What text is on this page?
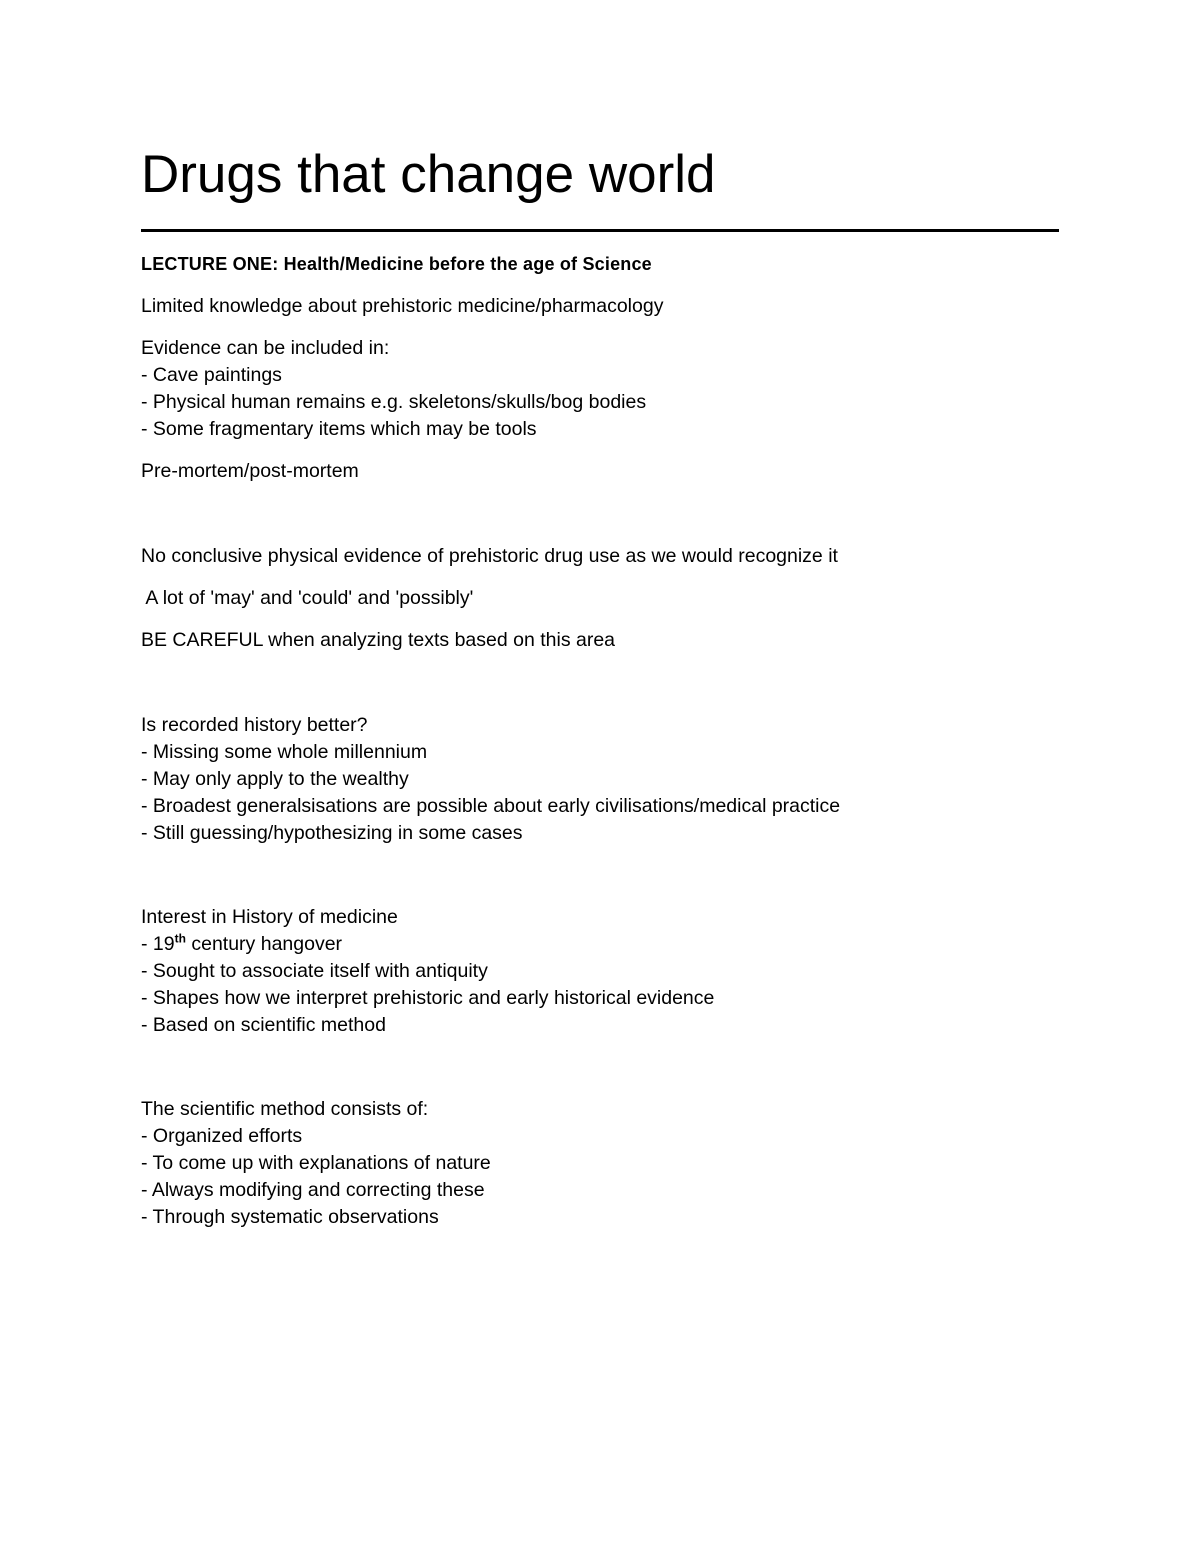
Drugs that change world

LECTURE ONE: Health/Medicine before the age of Science

Limited knowledge about prehistoric medicine/pharmacology

Evidence can be included in:
- Cave paintings
- Physical human remains e.g. skeletons/skulls/bog bodies
- Some fragmentary items which may be tools

Pre-mortem/post-mortem

No conclusive physical evidence of prehistoric drug use as we would recognize it

A lot of 'may' and 'could' and 'possibly'

BE CAREFUL when analyzing texts based on this area

Is recorded history better?
- Missing some whole millennium
- May only apply to the wealthy
- Broadest generalsisations are possible about early civilisations/medical practice
- Still guessing/hypothesizing in some cases
Interest in History of medicine
- 19th century hangover
- Sought to associate itself with antiquity
- Shapes how we interpret prehistoric and early historical evidence
- Based on scientific method
The scientific method consists of:
- Organized efforts
- To come up with explanations of nature
- Always modifying and correcting these
- Through systematic observations
